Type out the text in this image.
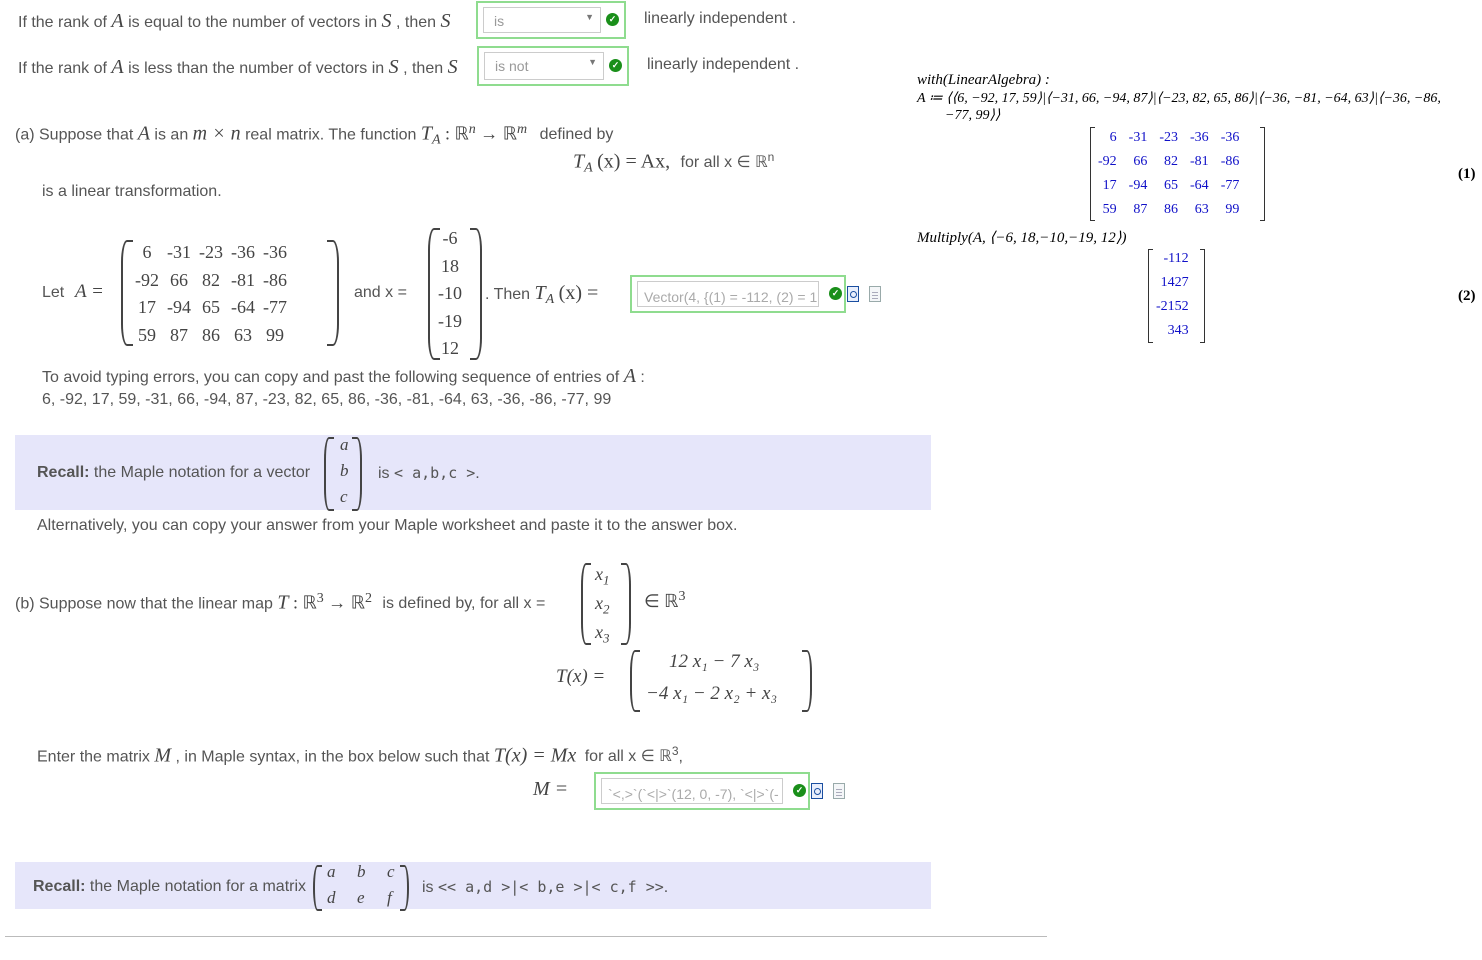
If the rank of A is equal to the number of vectors in S , then S	is	▼	✓ linearly independent .
If the rank of A is less than the number of vectors in S , then S	is not	▼	✓ linearly independent .
(a) Suppose that A is an m × n real matrix. The function $T_A$ : ℝ$^n$ → ℝ$^m$ defined by
$T_A$ (x) = Ax, for all x ∈ ℝ$^n$
is a linear transformation.
Let A =
6	-31	-23	-36	-36
-92	66	82	-81	-86
17	-94	65	-64	-77
59	87	86	63	99
and x =
-6
18
-10
-19
12
. Then $T_A$ (x) =	Vector(4, {(1) = -112, (2) = 1	✓
To avoid typing errors, you can copy and past the following sequence of entries of A :
6, -92, 17, 59, -31, 66, -94, 87, -23, 82, 65, 86, -36, -81, -64, 63, -36, -86, -77, 99
Recall: the Maple notation for a vector
a
b
c
is < a,b,c >.
Alternatively, you can copy your answer from your Maple worksheet and paste it to the answer box.
(b) Suppose now that the linear map T : ℝ$^3$ → ℝ$^2$ is defined by, for all x =
$x_1$
$x_2$
$x_3$
∈ ℝ$^3$
T(x) =
12 x₁ − 7 x₃
−4 x₁ − 2 x₂ + x₃
Enter the matrix M , in Maple syntax, in the box below such that T(x) = Mx for all x ∈ ℝ$^3$,
M =	`<,>`(`<|>`(12, 0, -7), `<|>`(-	✓
Recall: the Maple notation for a matrix
a b c
d e f
is << a,d >|< b,e >|< c,f >>.
with(LinearAlgebra) :
A ≔ ⟨⟨6, −92, 17, 59⟩|⟨−31, 66, −94, 87⟩|⟨−23, 82, 65, 86⟩|⟨−36, −81, −64, 63⟩|⟨−36, −86,
−77, 99⟩⟩
6	-31	-23	-36	-36
-92	66	82	-81	-86
17	-94	65	-64	-77
59	87	86	63	99
(1)
Multiply(A, ⟨−6, 18,−10,−19, 12⟩)
-112
1427
-2152
343
(2)
